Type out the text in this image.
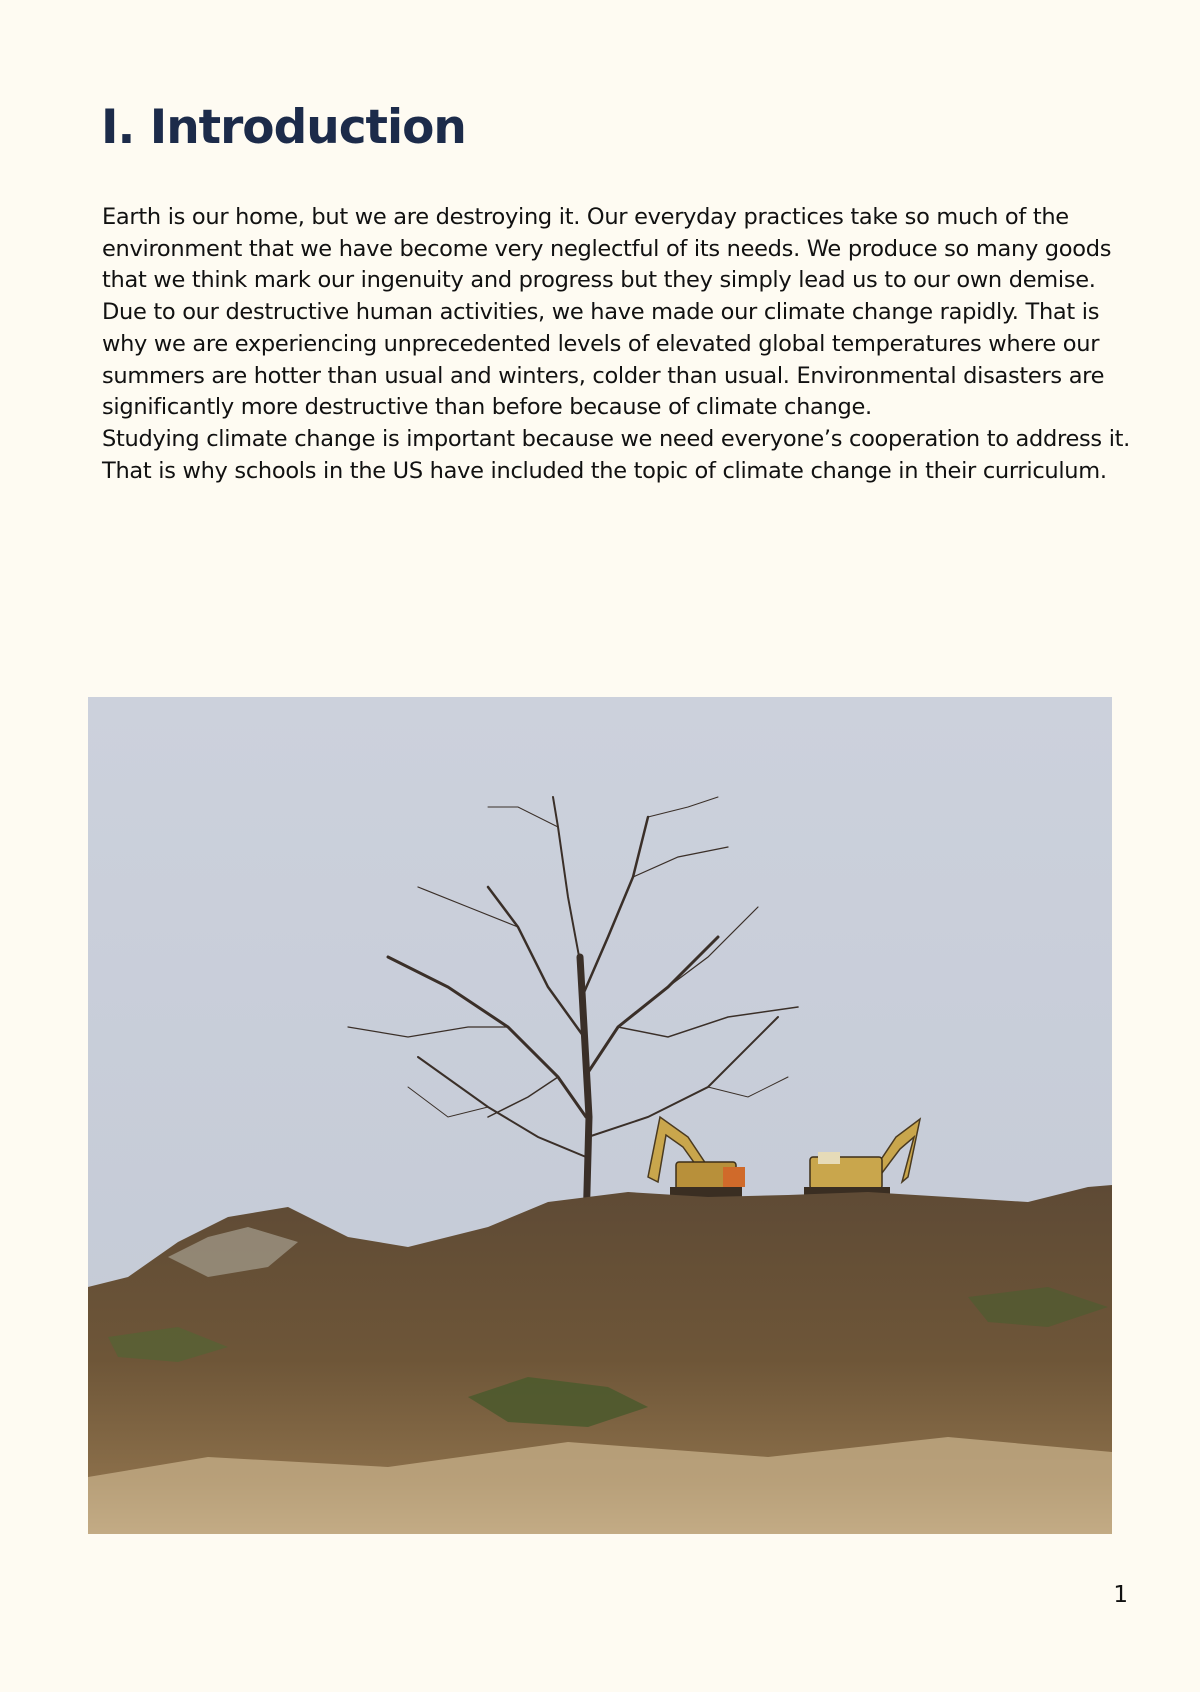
I. Introduction

Earth is our home, but we are destroying it. Our everyday practices take so much of the environment that we have become very neglectful of its needs. We produce so many goods that we think mark our ingenuity and progress but they simply lead us to our own demise.

Due to our destructive human activities, we have made our climate change rapidly. That is why we are experiencing unprecedented levels of elevated global temperatures where our summers are hotter than usual and winters, colder than usual. Environmental disasters are significantly more destructive than before because of climate change.

Studying climate change is important because we need everyone’s cooperation to address it. That is why schools in the US have included the topic of climate change in their curriculum.

1
